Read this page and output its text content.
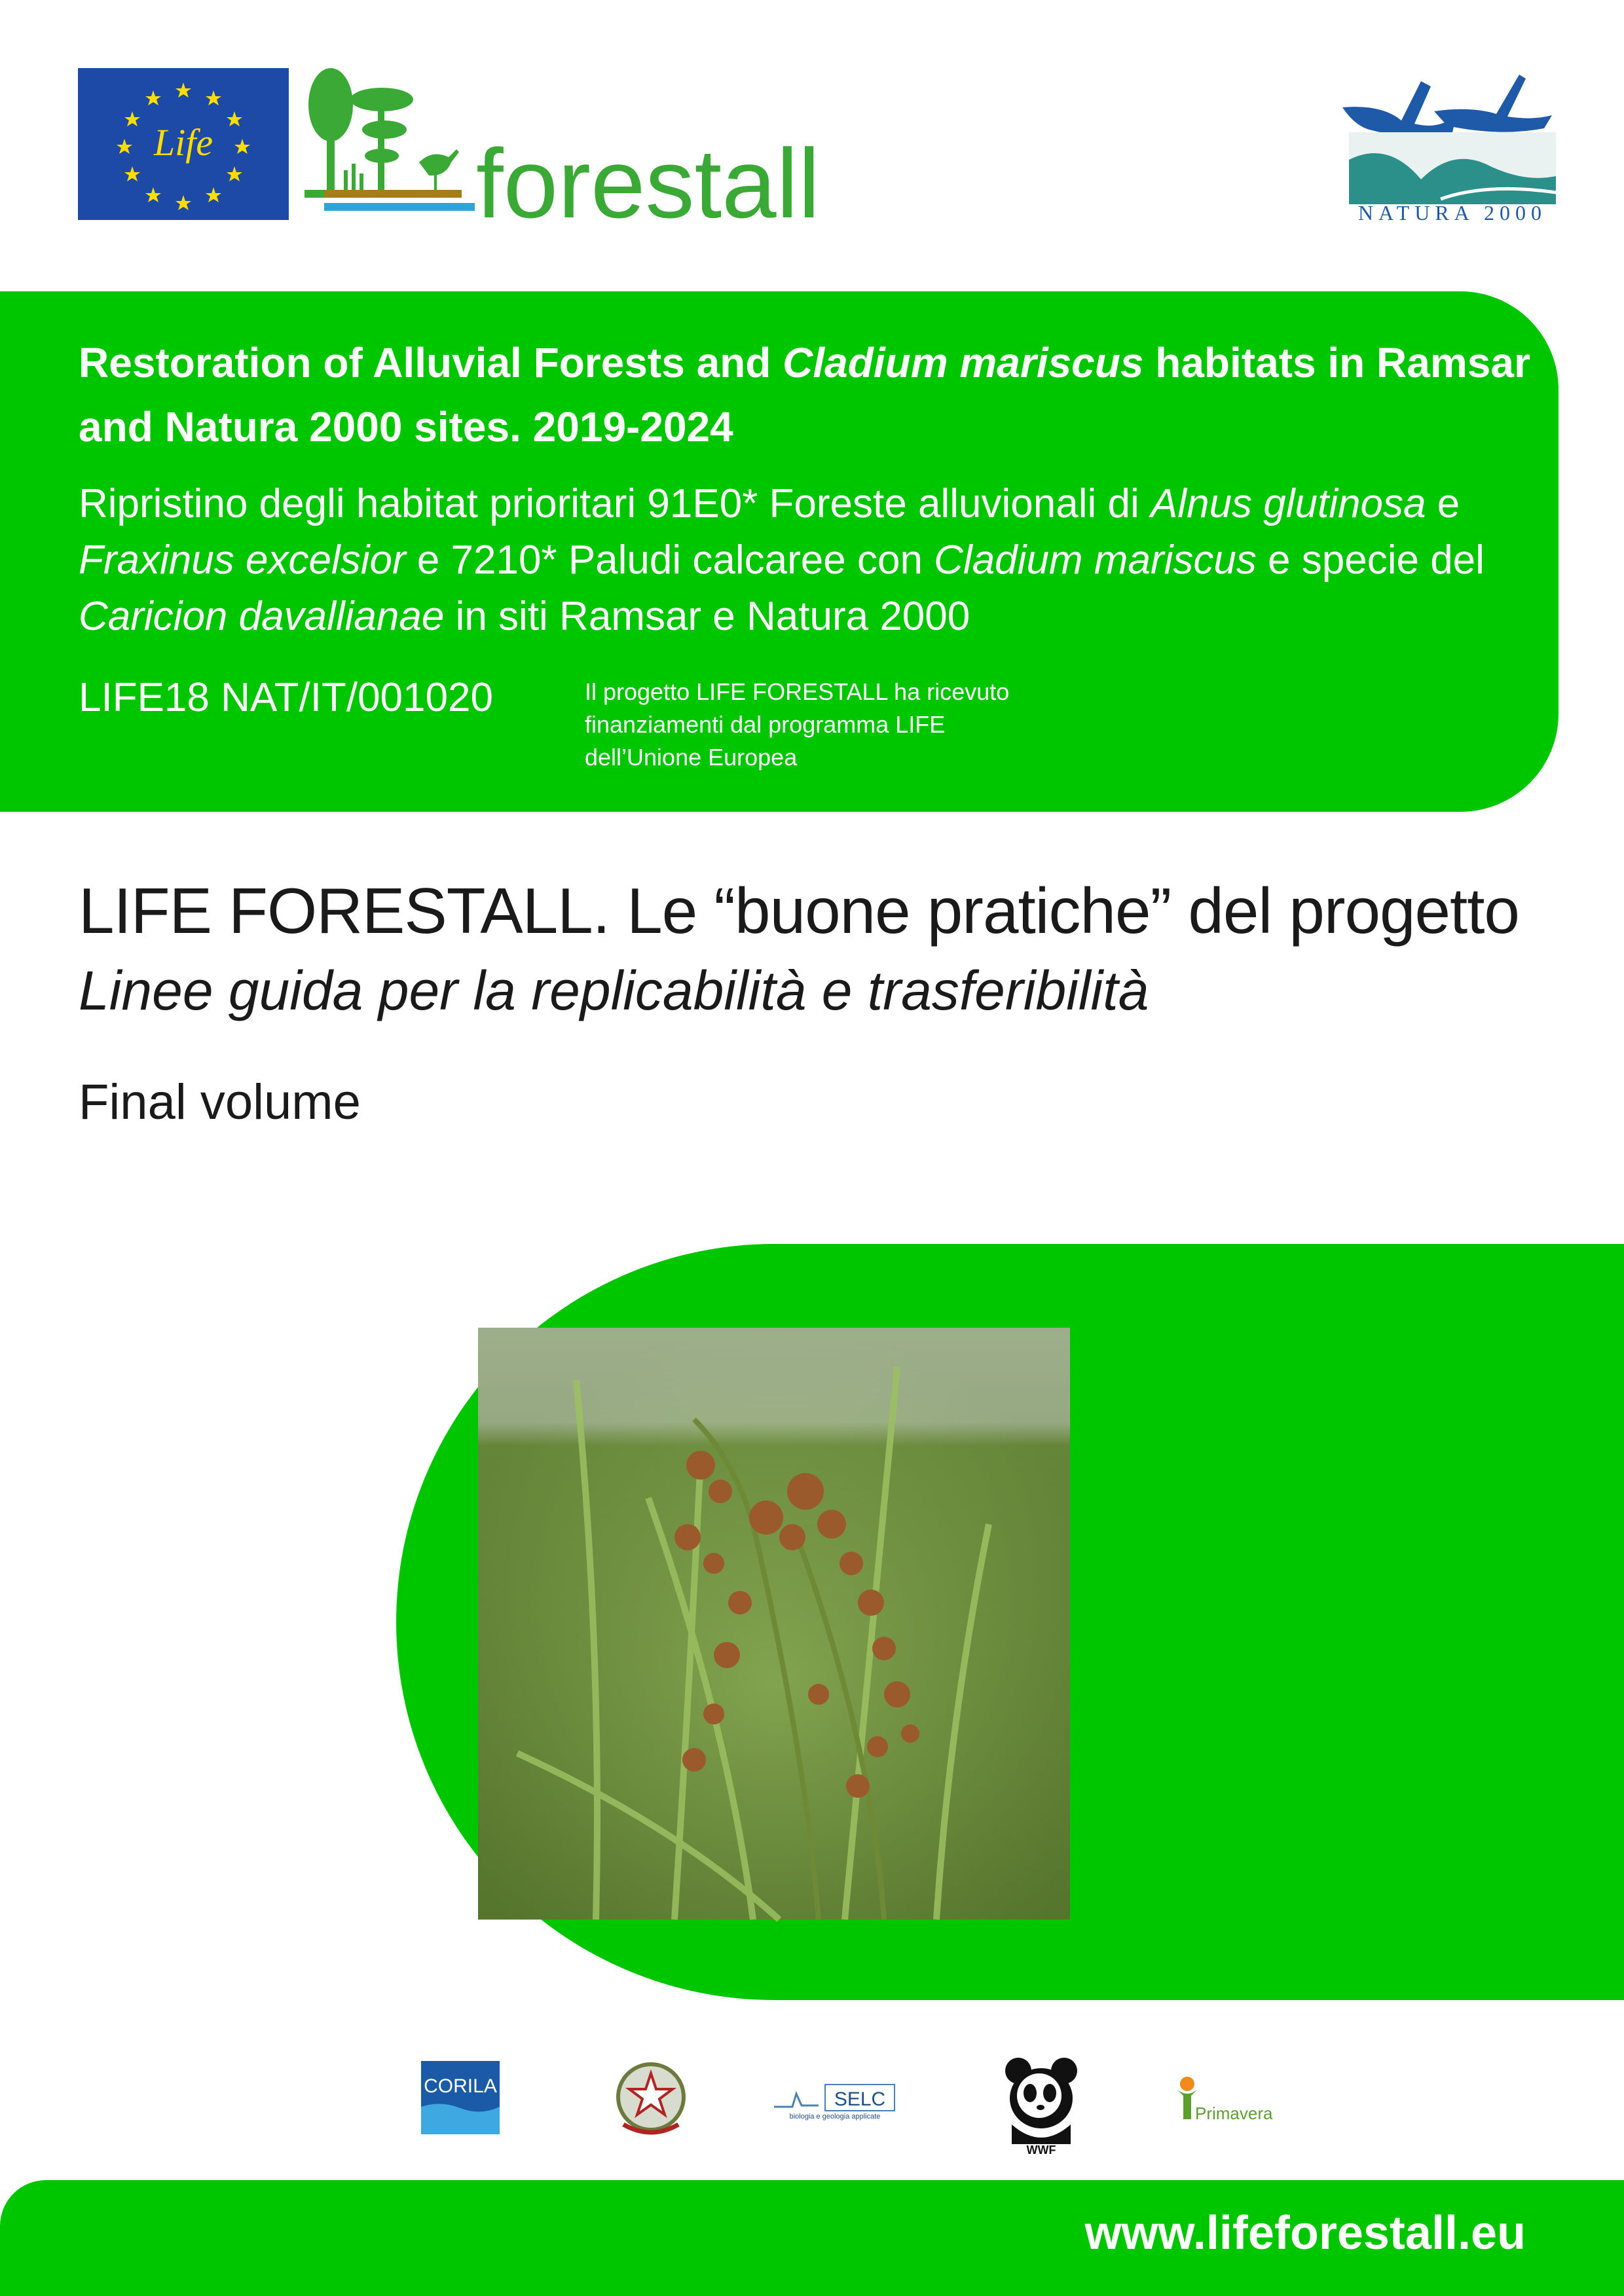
Life	forestall	NATURA 2000
Restoration of Alluvial Forests and Cladium mariscus habitats in Ramsar and Natura 2000 sites. 2019-2024
Ripristino degli habitat prioritari 91E0* Foreste alluvionali di Alnus glutinosa e Fraxinus excelsior e 7210* Paludi calcaree con Cladium mariscus e specie del Caricion davallianae in siti Ramsar e Natura 2000
LIFE18 NAT/IT/001020	Il progetto LIFE FORESTALL ha ricevuto
finanziamenti dal programma LIFE
dell’Unione Europea
LIFE FORESTALL. Le “buone pratiche” del progetto
Linee guida per la replicabilità e trasferibilità
Final volume
CORILA
SELC
biologia e geologia applicate
WWF
Primavera
www.lifeforestall.eu
